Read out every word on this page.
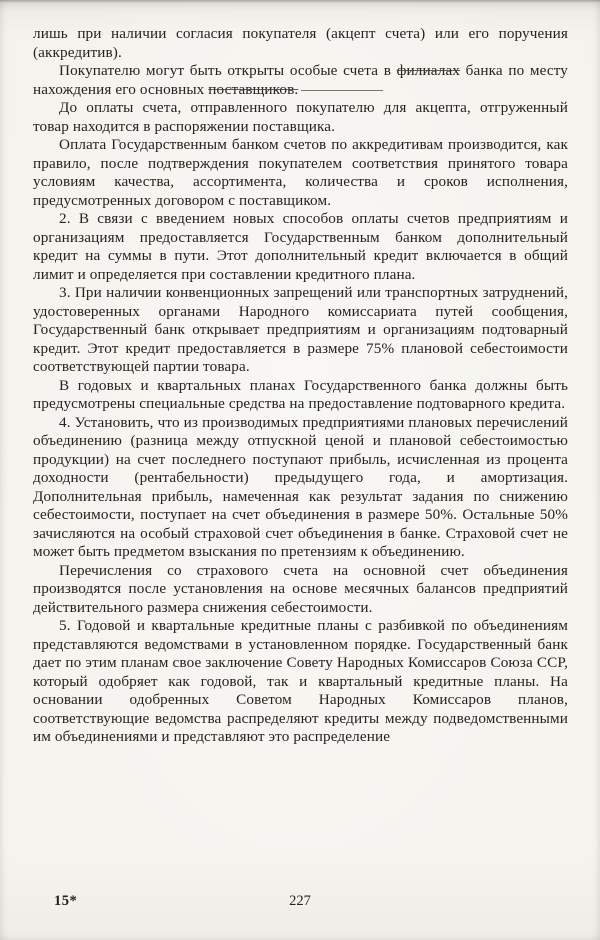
лишь при наличии согласия покупателя (акцепт счета) или его поручения (аккредитив).

Покупателю могут быть открыты особые счета в филиалах банка по месту нахождения его основных поставщиков.

До оплаты счета, отправленного покупателю для акцепта, отгруженный товар находится в распоряжении поставщика.

Оплата Государственным банком счетов по аккредитивам производится, как правило, после подтверждения покупателем соответствия принятого товара условиям качества, ассортимента, количества и сроков исполнения, предусмотренных договором с поставщиком.

2. В связи с введением новых способов оплаты счетов предприятиям и организациям предоставляется Государственным банком дополнительный кредит на суммы в пути. Этот дополнительный кредит включается в общий лимит и определяется при составлении кредитного плана.

3. При наличии конвенционных запрещений или транспортных затруднений, удостоверенных органами Народного комиссариата путей сообщения, Государственный банк открывает предприятиям и организациям подтоварный кредит. Этот кредит предоставляется в размере 75% плановой себестоимости соответствующей партии товара.

В годовых и квартальных планах Государственного банка должны быть предусмотрены специальные средства на предоставление подтоварного кредита.

4. Установить, что из производимых предприятиями плановых перечислений объединению (разница между отпускной ценой и плановой себестоимостью продукции) на счет последнего поступают прибыль, исчисленная из процента доходности (рентабельности) предыдущего года, и амортизация. Дополнительная прибыль, намеченная как результат задания по снижению себестоимости, поступает на счет объединения в размере 50%. Остальные 50% зачисляются на особый страховой счет объединения в банке. Страховой счет не может быть предметом взыскания по претензиям к объединению.

Перечисления со страхового счета на основной счет объединения производятся после установления на основе месячных балансов предприятий действительного размера снижения себестоимости.

5. Годовой и квартальные кредитные планы с разбивкой по объединениям представляются ведомствами в установленном порядке. Государственный банк дает по этим планам свое заключение Совету Народных Комиссаров Союза ССР, который одобряет как годовой, так и квартальный кредитные планы. На основании одобренных Советом Народных Комиссаров планов, соответствующие ведомства распределяют кредиты между подведомственными им объединениями и представляют это распределение

15*	227
